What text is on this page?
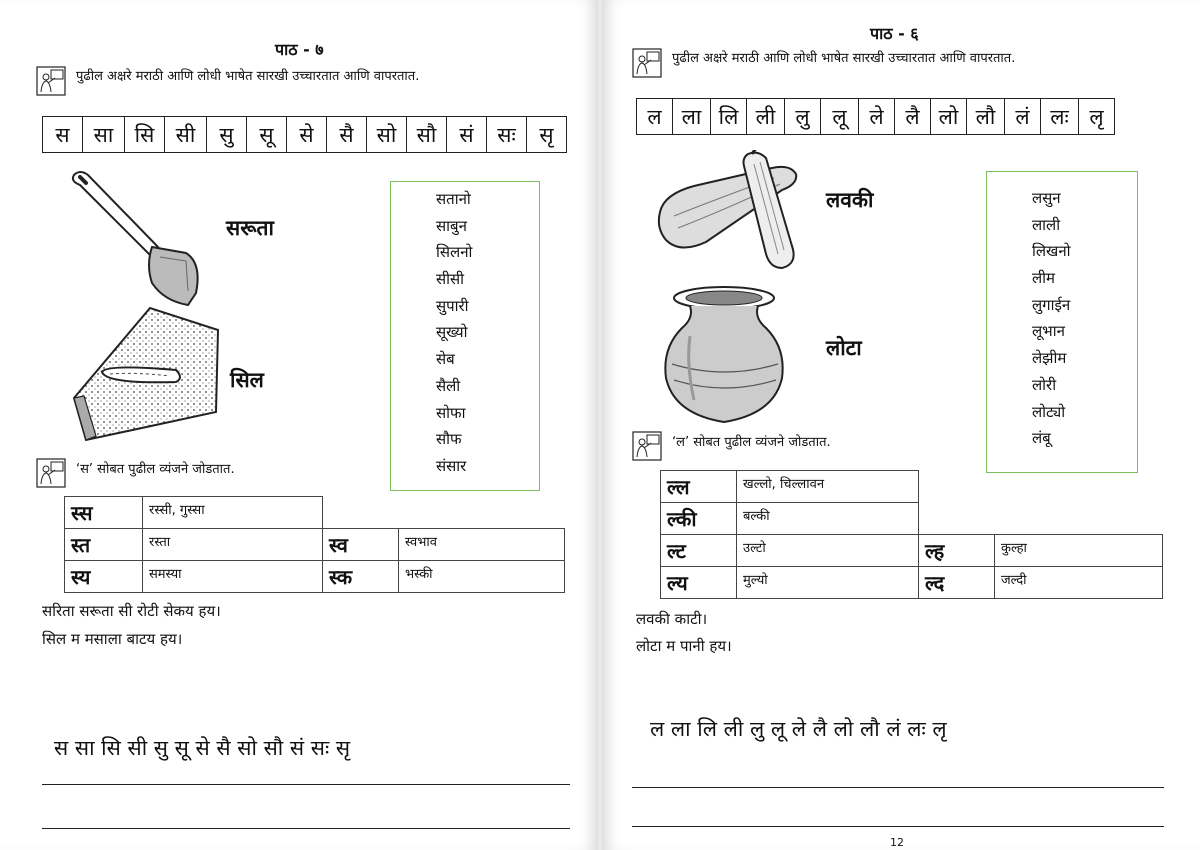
पाठ - ७
पुढील अक्षरे मराठी आणि लोधी भाषेत सारखी उच्चारतात आणि वापरतात.
स	सा	सि	सी	सु	सू	से	सै	सो	सौ	सं	सः	सृ
सरूता
सिल
सतानो
साबुन
सिलनो
सीसी
सुपारी
सूख्यो
सेब
सैली
सोफा
सौफ
संसार
‘स’ सोबत पुढील व्यंजने जोडतात.
स्स	रस्सी, गुस्सा		
स्त	रस्ता	स्व	स्वभाव
स्य	समस्या	स्क	भस्की
सरिता सरूता सी रोटी सेकय हय।
सिल म मसाला बाटय हय।
स सा सि सी सु सू से सै सो सौ सं सः सृ
पाठ - ६
पुढील अक्षरे मराठी आणि लोधी भाषेत सारखी उच्चारतात आणि वापरतात.
ल	ला	लि	ली	लु	लू	ले	लै	लो	लौ	लं	लः	लृ
लवकी
लोटा
लसुन
लाली
लिखनो
लीम
लुगाईन
लूभान
लेझीम
लोरी
लोट्यो
लंबू
‘ल’ सोबत पुढील व्यंजने जोडतात.
ल्ल	खल्लो, चिल्लावन		
ल्की	बल्की		
ल्ट	उल्टो	ल्ह	कुल्हा
ल्य	मुल्यो	ल्द	जल्दी
लवकी काटी।
लोटा म पानी हय।
ल ला लि ली लु लू ले लै लो लौ लं लः लृ
12
